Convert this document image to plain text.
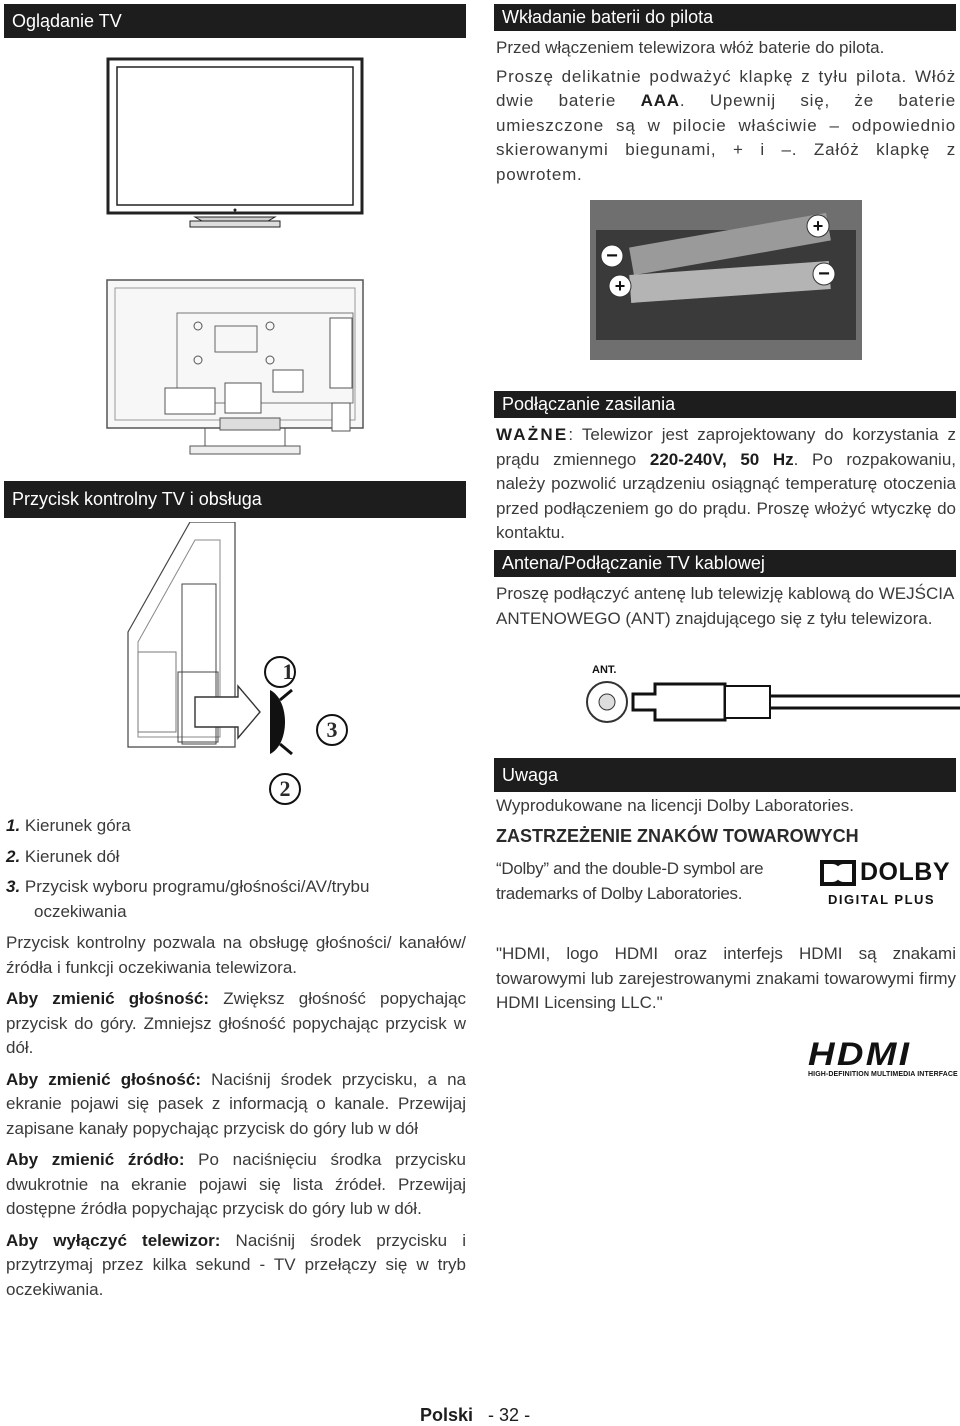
Oglądanie TV
Przycisk kontrolny TV i obsługa
1
3
2
1. Kierunek góra
2. Kierunek dół
3. Przycisk wyboru programu/głośności/AV/trybu oczekiwania
Przycisk kontrolny pozwala na obsługę głośności/ kanałów/ źródła i funkcji oczekiwania telewizora.
Aby zmienić głośność: Zwiększ głośność popychając przycisk do góry. Zmniejsz głośność popychając przycisk w dół.
Aby zmienić głośność: Naciśnij środek przycisku, a na ekranie pojawi się pasek z informacją o kanale. Przewijaj zapisane kanały popychając przycisk do góry lub w dół
Aby zmienić źródło: Po naciśnięciu środka przycisku dwukrotnie na ekranie pojawi się lista źródeł. Przewijaj dostępne źródła popychając przycisk do góry lub w dół.
Aby wyłączyć telewizor: Naciśnij środek przycisku i przytrzymaj przez kilka sekund - TV przełączy się w tryb oczekiwania.
Wkładanie baterii do pilota
Przed włączeniem telewizora włóż baterie do pilota.
Proszę delikatnie podważyć klapkę z tyłu pilota. Włóż dwie baterie AAA. Upewnij się, że baterie umieszczone są w pilocie właściwie – odpowiednio skierowanymi biegunami, + i –. Załóż klapkę z powrotem.
+
−
+
−
Podłączanie zasilania
WAŻNE: Telewizor jest zaprojektowany do korzystania z prądu zmiennego 220-240V, 50 Hz. Po rozpakowaniu, należy pozwolić urządzeniu osiągnąć temperaturę otoczenia przed podłączeniem go do prądu. Proszę włożyć wtyczkę do kontaktu.
Antena/Podłączanie TV kablowej
Proszę podłączyć antenę lub telewizję kablową do WEJŚCIA ANTENOWEGO (ANT) znajdującego się z tyłu telewizora.
ANT.
Uwaga
Wyprodukowane na licencji Dolby Laboratories.
ZASTRZEŻENIE ZNAKÓW TOWAROWYCH
“Dolby” and the double-D symbol are trademarks of Dolby Laboratories.
DOLBY
DIGITAL PLUS
"HDMI, logo HDMI oraz interfejs HDMI są znakami towarowymi lub zarejestrowanymi znakami towarowymi firmy HDMI Licensing LLC."
HDMI
HIGH-DEFINITION MULTIMEDIA INTERFACE
Polski - 32 -
